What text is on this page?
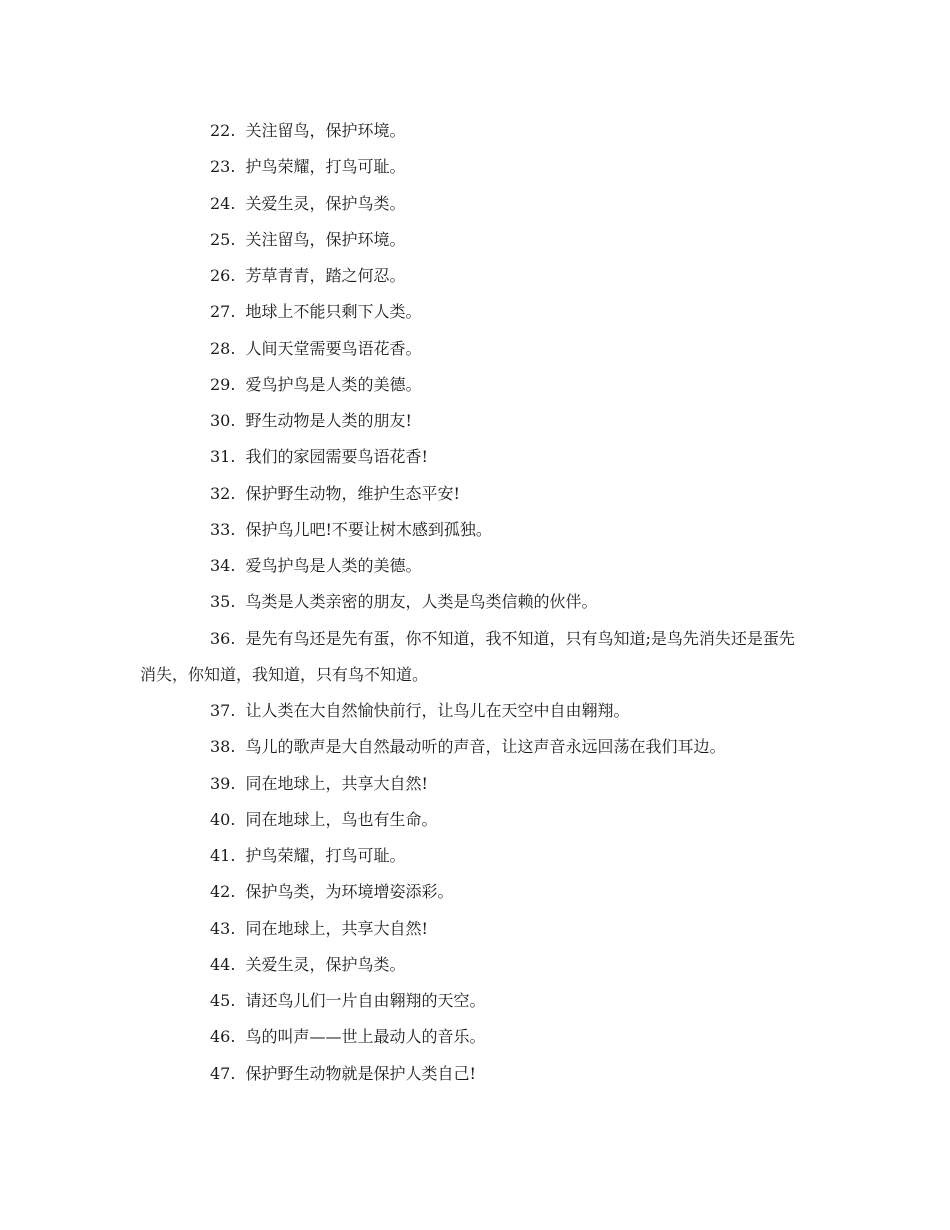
22. 关注留鸟，保护环境。

23. 护鸟荣耀，打鸟可耻。

24. 关爱生灵，保护鸟类。

25. 关注留鸟，保护环境。

26. 芳草青青，踏之何忍。

27. 地球上不能只剩下人类。

28. 人间天堂需要鸟语花香。

29. 爱鸟护鸟是人类的美德。

30. 野生动物是人类的朋友!

31. 我们的家园需要鸟语花香!

32. 保护野生动物，维护生态平安!

33. 保护鸟儿吧!不要让树木感到孤独。

34. 爱鸟护鸟是人类的美德。

35. 鸟类是人类亲密的朋友，人类是鸟类信赖的伙伴。

36. 是先有鸟还是先有蛋，你不知道，我不知道，只有鸟知道;是鸟先消失还是蛋先消失，你知道，我知道，只有鸟不知道。

37. 让人类在大自然愉快前行，让鸟儿在天空中自由翱翔。

38. 鸟儿的歌声是大自然最动听的声音，让这声音永远回荡在我们耳边。

39. 同在地球上，共享大自然!

40. 同在地球上，鸟也有生命。

41. 护鸟荣耀，打鸟可耻。

42. 保护鸟类，为环境增姿添彩。

43. 同在地球上，共享大自然!

44. 关爱生灵，保护鸟类。

45. 请还鸟儿们一片自由翱翔的天空。

46. 鸟的叫声——世上最动人的音乐。

47. 保护野生动物就是保护人类自己!
